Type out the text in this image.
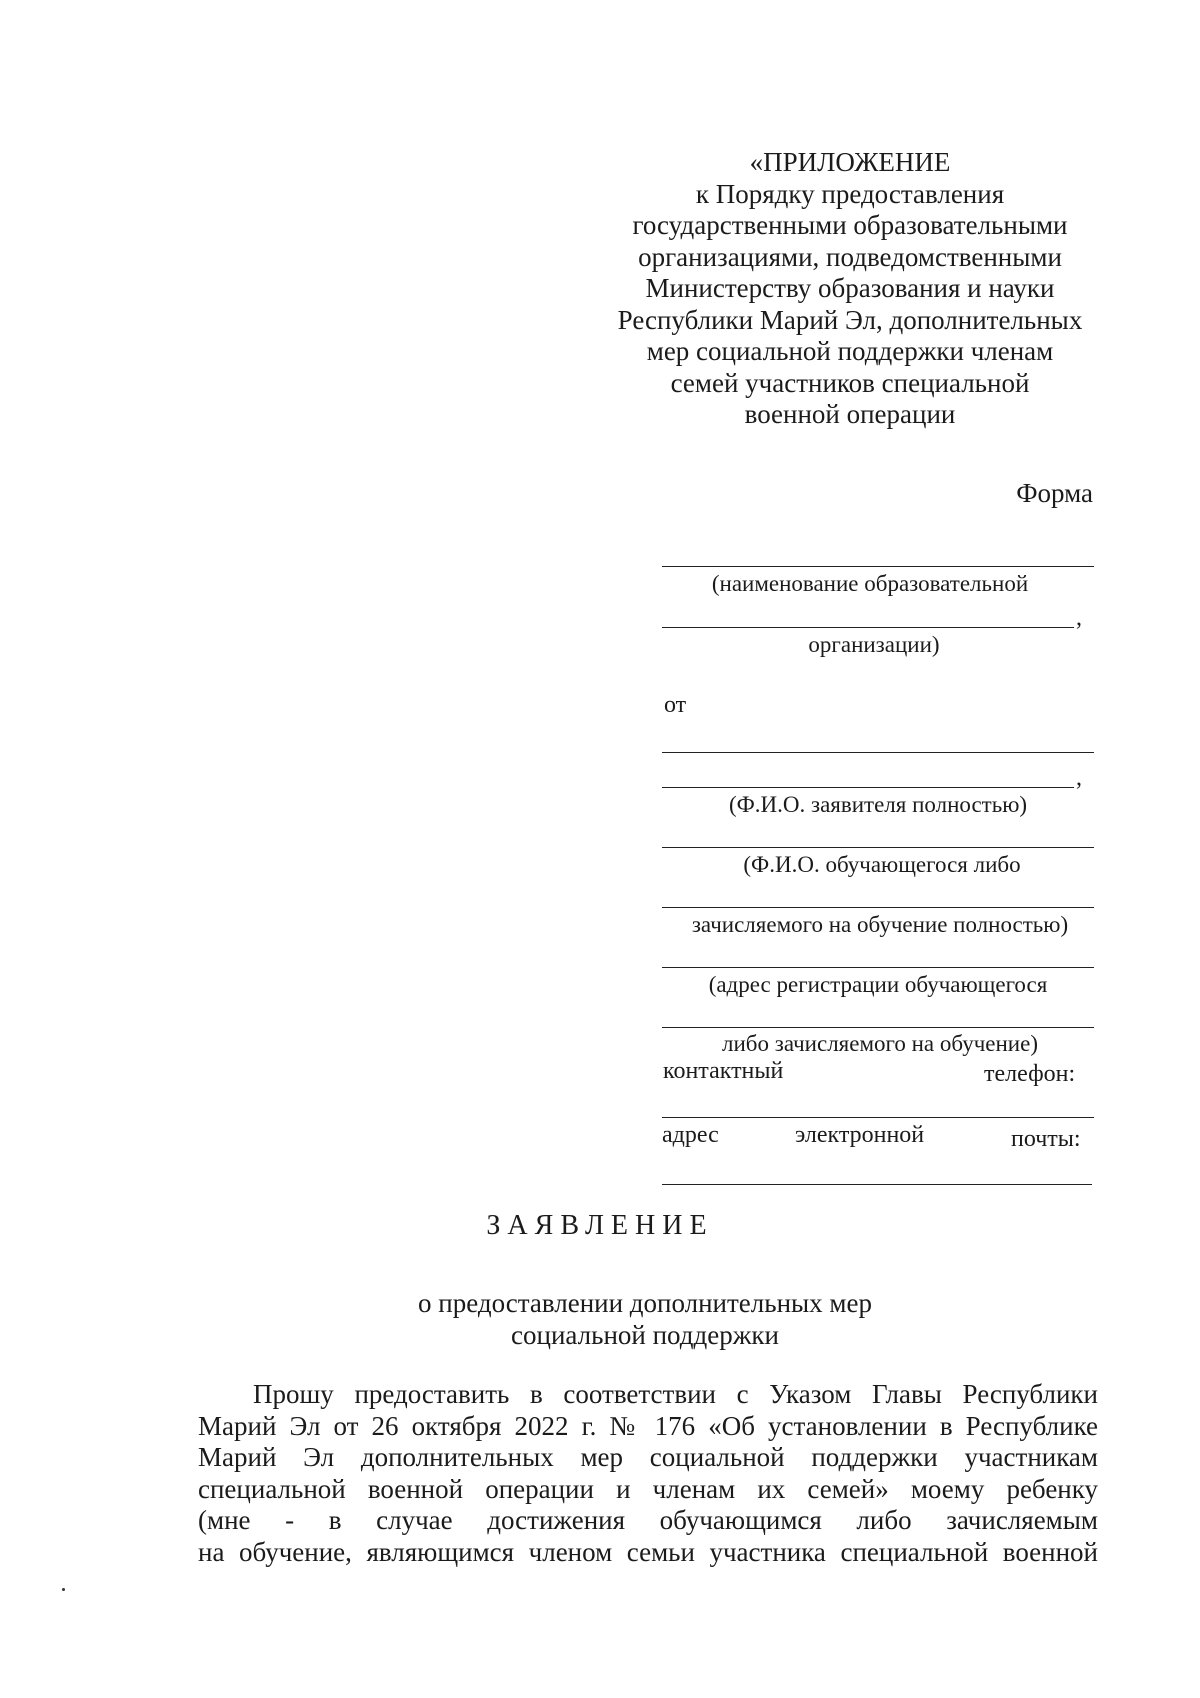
«ПРИЛОЖЕНИЕ
к Порядку предоставления
государственными образовательными
организациями, подведомственными
Министерству образования и науки
Республики Марий Эл, дополнительных
мер социальной поддержки членам
семей участников специальной
военной операции
Форма
(наименование образовательной
,
организации)
от
,
(Ф.И.О. заявителя полностью)
(Ф.И.О. обучающегося либо
зачисляемого на обучение полностью)
(адрес регистрации обучающегося
либо зачисляемого на обучение)
контактный	телефон:
адрес	электронной	почты:
ЗАЯВЛЕНИЕ
о предоставлении дополнительных мер
социальной поддержки
Прошу предоставить в соответствии с Указом Главы Республики
Марий Эл от 26 октября 2022 г. № 176 «Об установлении в Республике
Марий Эл дополнительных мер социальной поддержки участникам
специальной военной операции и членам их семей» моему ребенку
(мне - в случае достижения обучающимся либо зачисляемым
на обучение, являющимся членом семьи участника специальной военной
